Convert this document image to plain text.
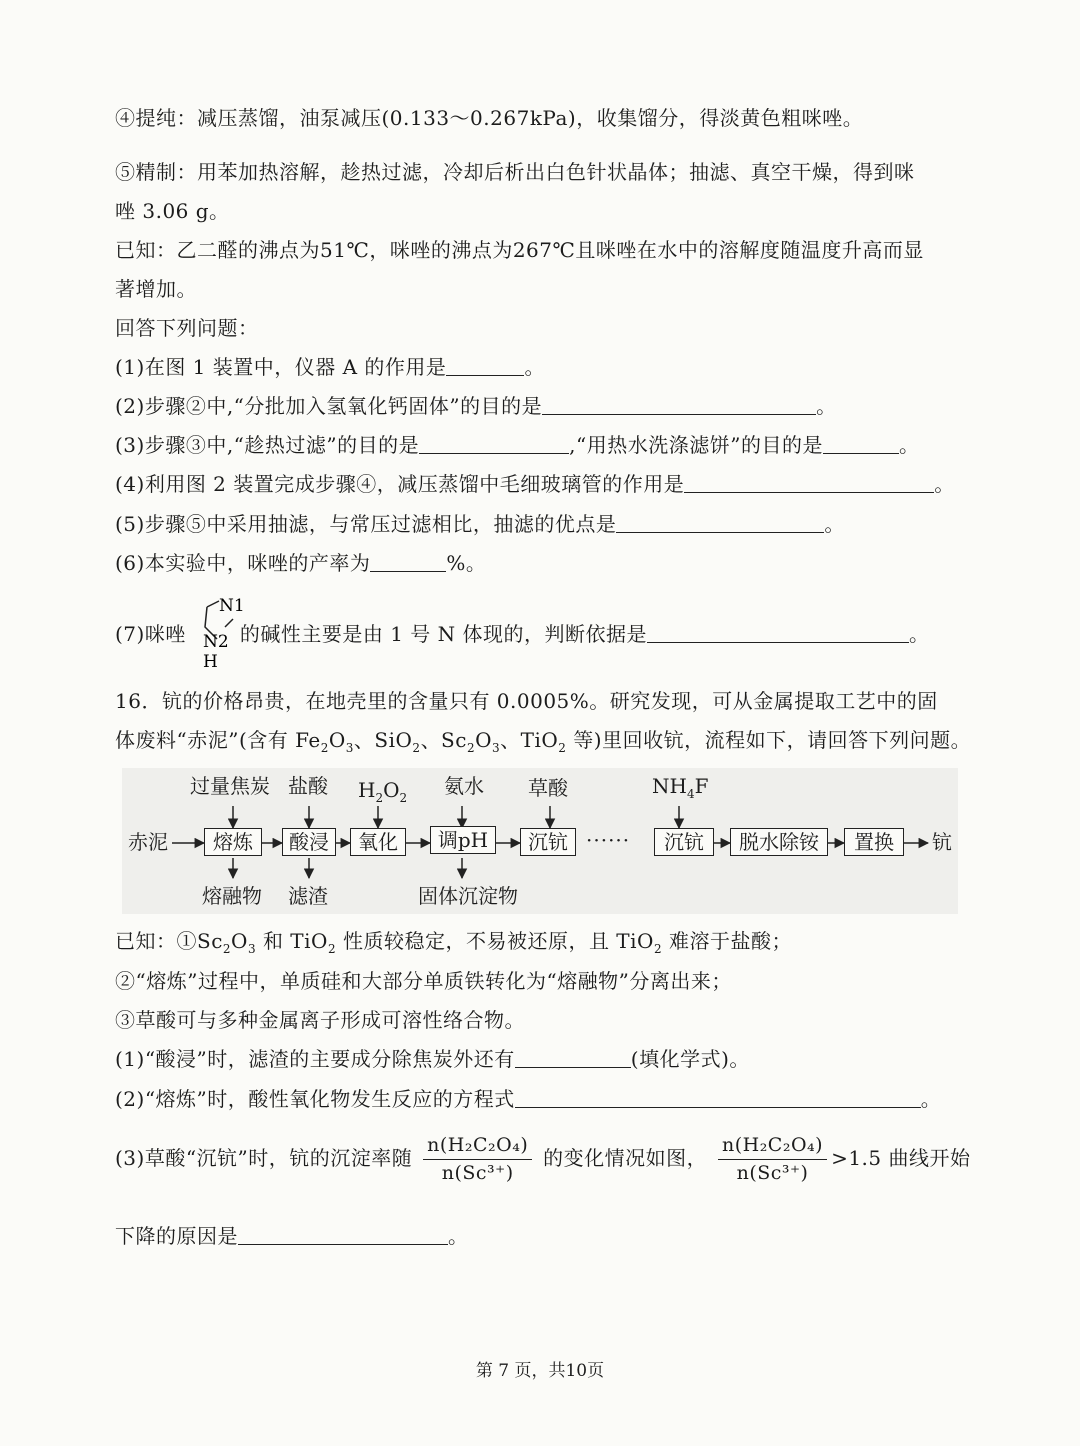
④提纯：减压蒸馏，油泵减压(0.133～0.267kPa)，收集馏分，得淡黄色粗咪唑。
⑤精制：用苯加热溶解，趁热过滤，冷却后析出白色针状晶体；抽滤、真空干燥，得到咪
唑 3.06 g。
已知：乙二醛的沸点为51℃，咪唑的沸点为267℃且咪唑在水中的溶解度随温度升高而显
著增加。
回答下列问题：
(1)在图 1 装置中，仪器 A 的作用是	。
(2)步骤②中,“分批加入氢氧化钙固体”的目的是	。
(3)步骤③中,“趁热过滤”的目的是	,“用热水洗涤滤饼”的目的是	。
(4)利用图 2 装置完成步骤④，减压蒸馏中毛细玻璃管的作用是	。
(5)步骤⑤中采用抽滤，与常压过滤相比，抽滤的优点是	。
(6)本实验中，咪唑的产率为	%。
(7)咪唑	的碱性主要是由 1 号 N 体现的，判断依据是	。
N1
N2
H
16．钪的价格昂贵，在地壳里的含量只有 0.0005%。研究发现，可从金属提取工艺中的固
体废料“赤泥”(含有 $Fe_2O_3$、SiO$_2$、$Sc_2O_3$、TiO$_2$ 等)里回收钪，流程如下，请回答下列问题。
赤泥	······	钪
熔炼	酸浸	氧化	调pH	沉钪	沉钪	脱水除铵	置换
过量焦炭 盐酸 $H_2O_2$ 氨水 草酸	$NH_4F$
熔融物 滤渣	固体沉淀物
已知：$①Sc_2O_3$ 和 TiO$_2$ 性质较稳定，不易被还原，且 TiO$_2$ 难溶于盐酸；
②“熔炼”过程中，单质硅和大部分单质铁转化为“熔融物”分离出来；
③草酸可与多种金属离子形成可溶性络合物。
(1)“酸浸”时，滤渣的主要成分除焦炭外还有	(填化学式)。
(2)“熔炼”时，酸性氧化物发生反应的方程式	。
(3)草酸“沉钪”时，钪的沉淀率随 $\frac{\text{n(H₂C₂O₄)}}{\text{n(Sc³⁺)}}$ 的变化情况如图， $\frac{\text{n(H₂C₂O₄)}}{\text{n(Sc³⁺)}} >1.5$ 曲线开始
下降的原因是	。
第 7 页，共10页
